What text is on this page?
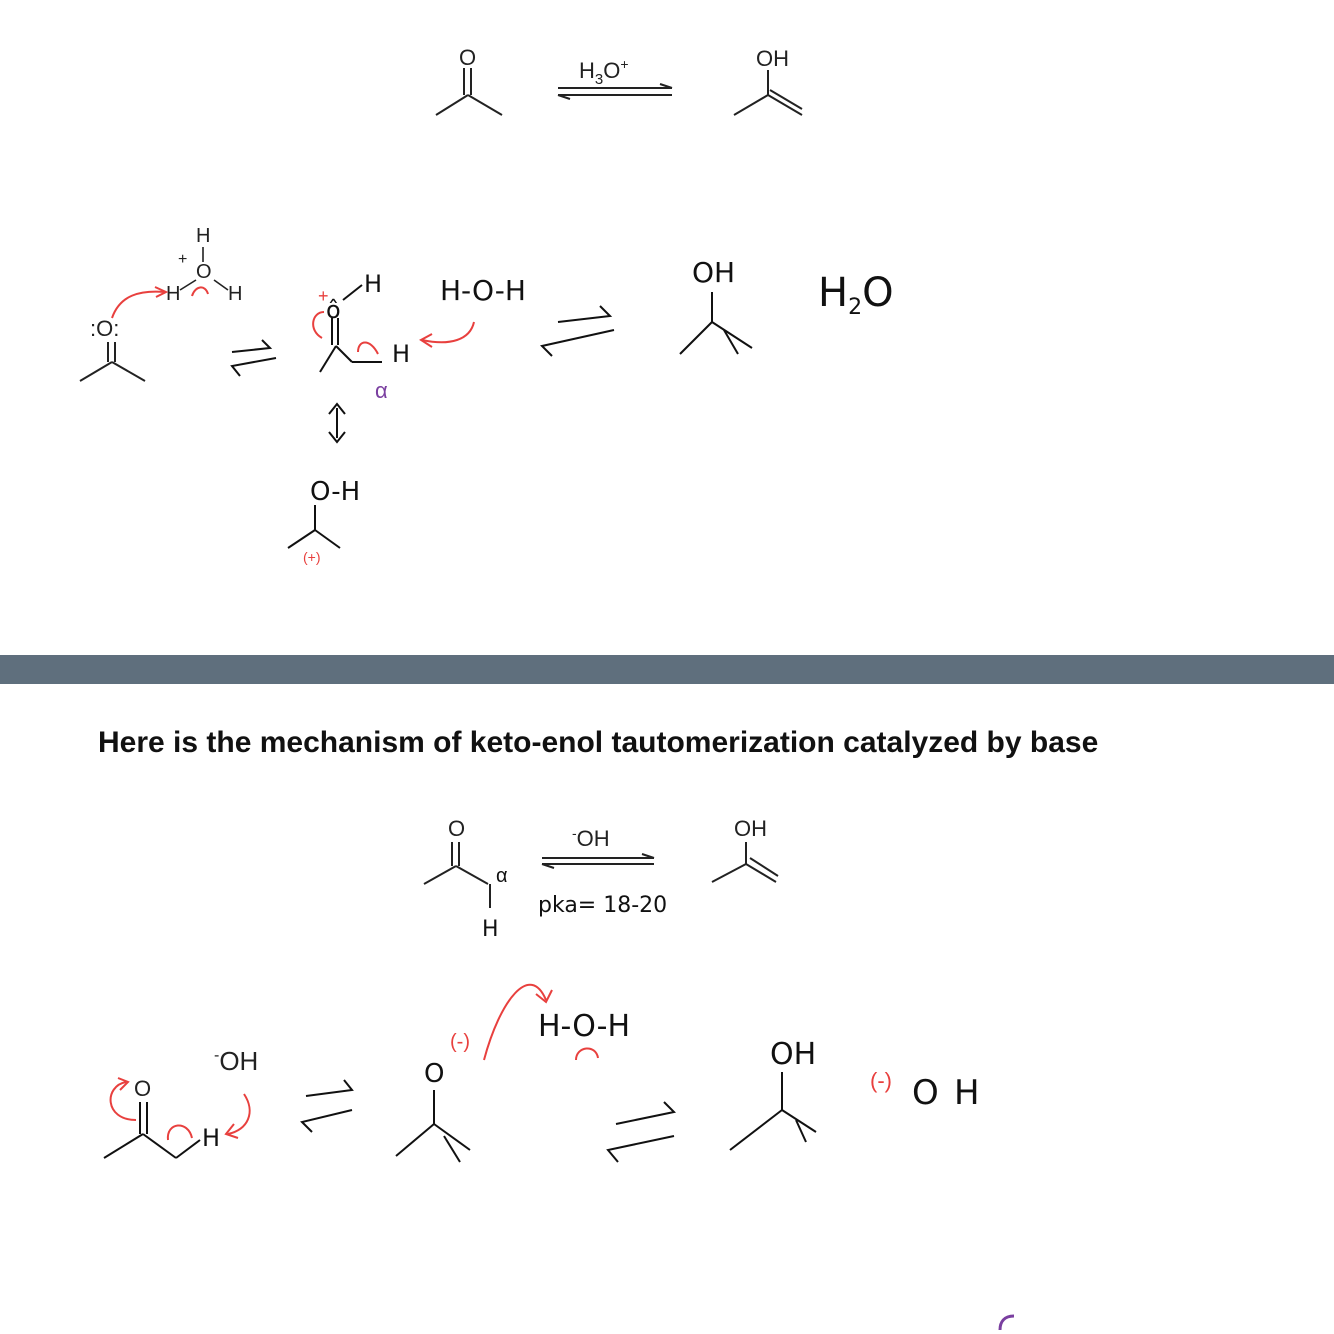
O
$H_3O^+$	OH
H
+
O
H H
:O:
ô
H
+
H
α
H-O-H
O-H
(+)
OH $H_2O$
O
α
H
-OH
pka= 18-20
OH
O
H
-OH	O
(-) H-O-H
OH
(-) O H
Here is the mechanism of keto-enol tautomerization catalyzed by base
